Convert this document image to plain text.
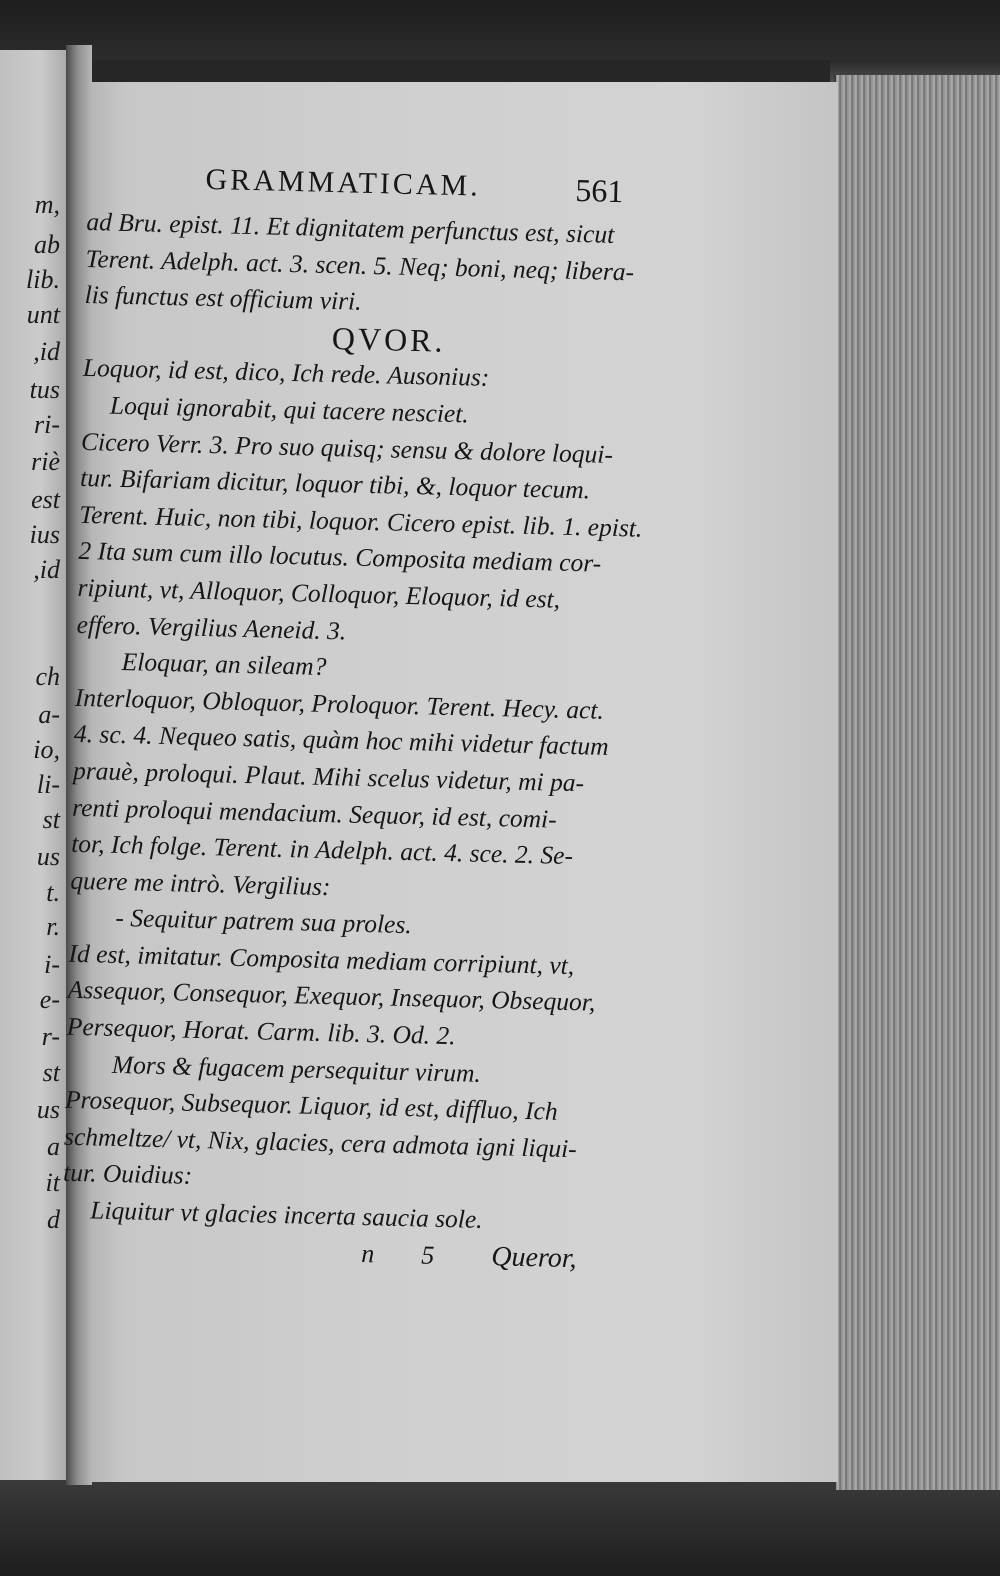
m,
ab
lib.
unt
,id
tus
ri-
riè
est
ius
,id
ch
a-
io,
li-
st
us
t.
r.
i-
e-
r-
st
us
a
it
d
GRAMMATICAM.	561
ad Bru. epist. 11. Et dignitatem perfunctus est, sicut
Terent. Adelph. act. 3. scen. 5. Neq; boni, neq; libera-
lis functus est officium viri.
QVOR.
Loquor, id est, dico, Ich rede. Ausonius:
Loqui ignorabit, qui tacere nesciet.
Cicero Verr. 3. Pro suo quisq; sensu & dolore loqui-
tur. Bifariam dicitur, loquor tibi, &, loquor tecum.
Terent. Huic, non tibi, loquor. Cicero epist. lib. 1. epist.
2 Ita sum cum illo locutus. Composita mediam cor-
ripiunt, vt, Alloquor, Colloquor, Eloquor, id est,
effero. Vergilius Aeneid. 3.
Eloquar, an sileam?
Interloquor, Obloquor, Proloquor. Terent. Hecy. act.
4. sc. 4. Nequeo satis, quàm hoc mihi videtur factum
prauè, proloqui. Plaut. Mihi scelus videtur, mi pa-
renti proloqui mendacium. Sequor, id est, comi-
tor, Ich folge. Terent. in Adelph. act. 4. sce. 2. Se-
quere me intrò. Vergilius:
- Sequitur patrem sua proles.
Id est, imitatur. Composita mediam corripiunt, vt,
Assequor, Consequor, Exequor, Insequor, Obsequor,
Persequor, Horat. Carm. lib. 3. Od. 2.
Mors & fugacem persequitur virum.
Prosequor, Subsequor. Liquor, id est, diffluo, Ich
schmeltze/ vt, Nix, glacies, cera admota igni liqui-
tur. Ouidius:
Liquitur vt glacies incerta saucia sole.
n 5 Queror,
